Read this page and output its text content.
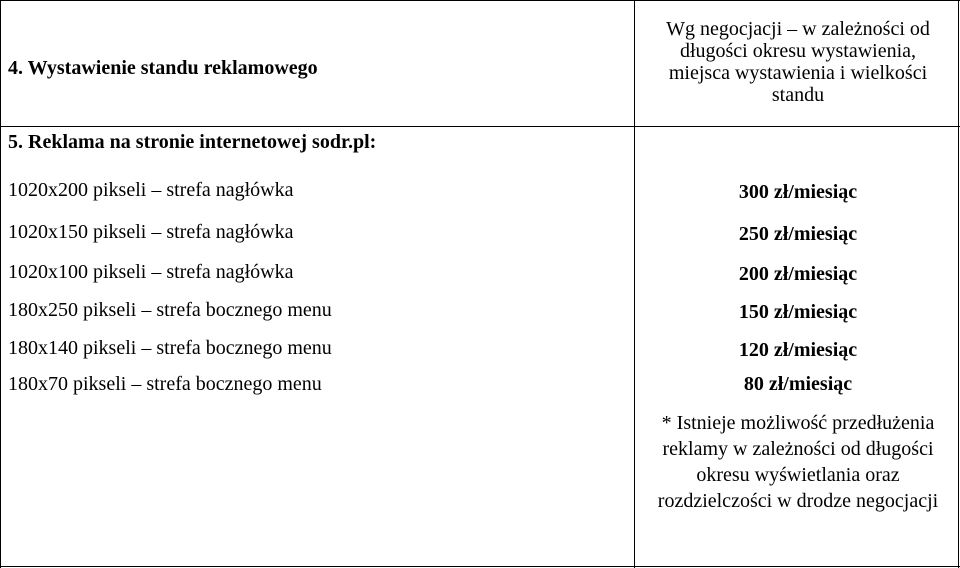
4. Wystawienie standu reklamowego
Wg negocjacji – w zależności od długości okresu wystawienia, miejsca wystawienia i wielkości standu
5. Reklama na stronie internetowej sodr.pl:
1020x200 pikseli – strefa nagłówka
1020x150 pikseli – strefa nagłówka
1020x100 pikseli – strefa nagłówka
180x250 pikseli – strefa bocznego menu
180x140 pikseli – strefa bocznego menu
180x70 pikseli – strefa bocznego menu
300 zł/miesiąc
250 zł/miesiąc
200 zł/miesiąc
150 zł/miesiąc
120 zł/miesiąc
80 zł/miesiąc
* Istnieje możliwość przedłużenia reklamy w zależności od długości okresu wyświetlania oraz rozdzielczości w drodze negocjacji
